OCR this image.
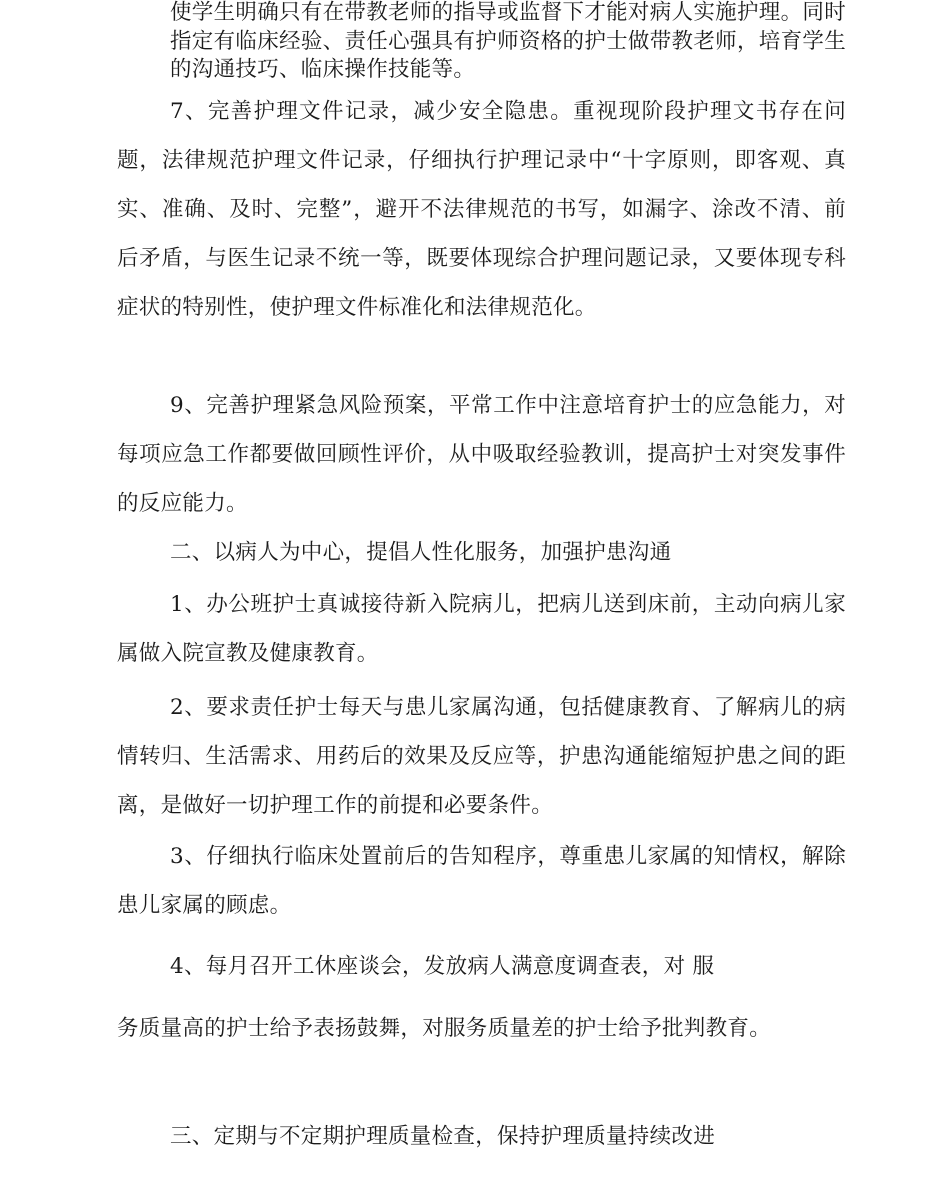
使学生明确只有在带教老师的指导或监督下才能对病人实施护理。同时指定有临床经验、责任心强具有护师资格的护士做带教老师，培育学生的沟通技巧、临床操作技能等。

7、完善护理文件记录，减少安全隐患。重视现阶段护理文书存在问题，法律规范护理文件记录，仔细执行护理记录中“十字原则，即客观、真实、准确、及时、完整”，避开不法律规范的书写，如漏字、涂改不清、前后矛盾，与医生记录不统一等，既要体现综合护理问题记录，又要体现专科症状的特别性，使护理文件标准化和法律规范化。

9、完善护理紧急风险预案，平常工作中注意培育护士的应急能力，对每项应急工作都要做回顾性评价，从中吸取经验教训，提高护士对突发事件的反应能力。

二、以病人为中心，提倡人性化服务，加强护患沟通

1、办公班护士真诚接待新入院病儿，把病儿送到床前，主动向病儿家属做入院宣教及健康教育。

2、要求责任护士每天与患儿家属沟通，包括健康教育、了解病儿的病情转归、生活需求、用药后的效果及反应等，护患沟通能缩短护患之间的距离，是做好一切护理工作的前提和必要条件。

3、仔细执行临床处置前后的告知程序，尊重患儿家属的知情权，解除患儿家属的顾虑。

4、每月召开工休座谈会，发放病人满意度调查表，对 服

务质量高的护士给予表扬鼓舞，对服务质量差的护士给予批判教育。

三、定期与不定期护理质量检查，保持护理质量持续改进
